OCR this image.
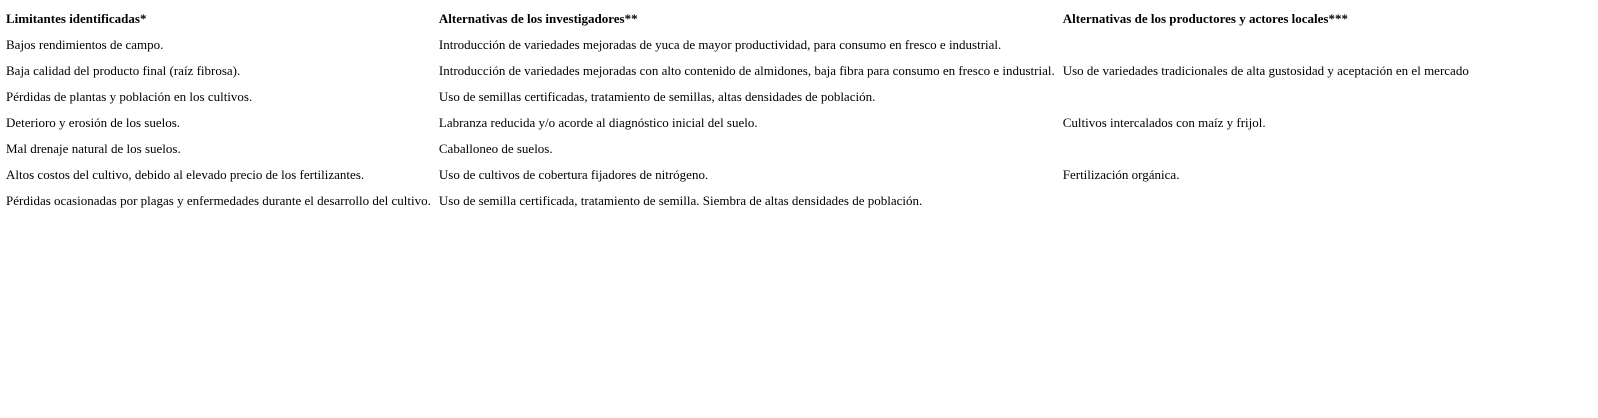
Limitantes identificadas*	Alternativas de los investigadores**	Alternativas de los productores y actores locales***
Bajos rendimientos de campo.	Introducción de variedades mejoradas de yuca de mayor productividad, para consumo en fresco e industrial.	
Baja calidad del producto final (raíz fibrosa).	Introducción de variedades mejoradas con alto contenido de almidones, baja fibra para consumo en fresco e industrial.	Uso de variedades tradicionales de alta gustosidad y aceptación en el mercado
Pérdidas de plantas y población en los cultivos.	Uso de semillas certificadas, tratamiento de semillas, altas densidades de población.	
Deterioro y erosión de los suelos.	Labranza reducida y/o acorde al diagnóstico inicial del suelo.	Cultivos intercalados con maíz y frijol.
Mal drenaje natural de los suelos.	Caballoneo de suelos.	
Altos costos del cultivo, debido al elevado precio de los fertilizantes.	Uso de cultivos de cobertura fijadores de nitrógeno.	Fertilización orgánica.
Pérdidas ocasionadas por plagas y enfermedades durante el desarrollo del cultivo.	Uso de semilla certificada, tratamiento de semilla. Siembra de altas densidades de población.	
